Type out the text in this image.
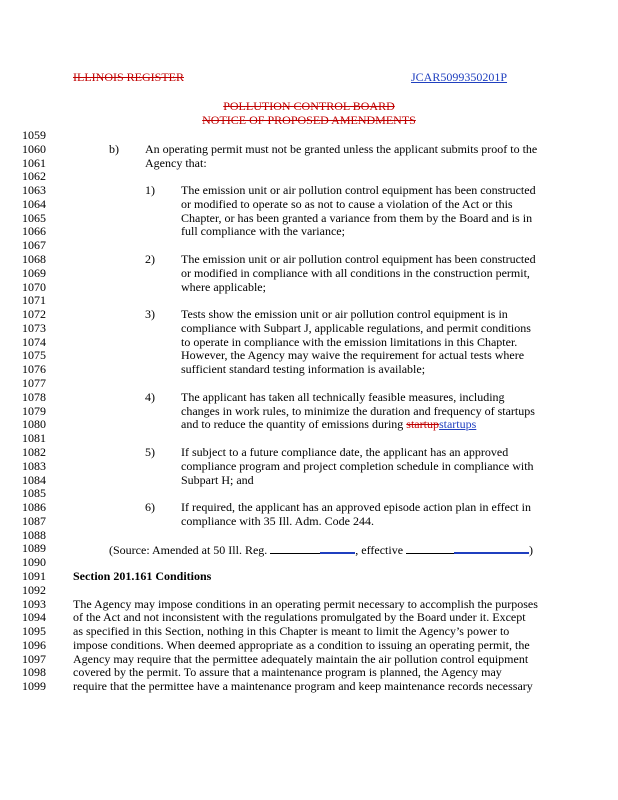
ILLINOIS REGISTER	JCAR5099350201P
POLLUTION CONTROL BOARD
NOTICE OF PROPOSED AMENDMENTS
1059
1060	b) An operating permit must not be granted unless the applicant submits proof to the
1061	Agency that:
1062
1063	1) The emission unit or air pollution control equipment has been constructed
1064	or modified to operate so as not to cause a violation of the Act or this
1065	Chapter, or has been granted a variance from them by the Board and is in
1066	full compliance with the variance;
1067
1068	2) The emission unit or air pollution control equipment has been constructed
1069	or modified in compliance with all conditions in the construction permit,
1070	where applicable;
1071
1072	3) Tests show the emission unit or air pollution control equipment is in
1073	compliance with Subpart J, applicable regulations, and permit conditions
1074	to operate in compliance with the emission limitations in this Chapter.
1075	However, the Agency may waive the requirement for actual tests where
1076	sufficient standard testing information is available;
1077
1078	4) The applicant has taken all technically feasible measures, including
1079	changes in work rules, to minimize the duration and frequency of startups
1080	and to reduce the quantity of emissions during startupstartups
1081
1082	5) If subject to a future compliance date, the applicant has an approved
1083	compliance program and project completion schedule in compliance with
1084	Subpart H; and
1085
1086	6) If required, the applicant has an approved episode action plan in effect in
1087	compliance with 35 Ill. Adm. Code 244.
1088
1089	(Source: Amended at 50 Ill. Reg.	, effective	)
1090
1091 Section 201.161 Conditions
1092
1093 The Agency may impose conditions in an operating permit necessary to accomplish the purposes
1094 of the Act and not inconsistent with the regulations promulgated by the Board under it. Except
1095 as specified in this Section, nothing in this Chapter is meant to limit the Agency’s power to
1096 impose conditions. When deemed appropriate as a condition to issuing an operating permit, the
1097 Agency may require that the permittee adequately maintain the air pollution control equipment
1098 covered by the permit. To assure that a maintenance program is planned, the Agency may
1099 require that the permittee have a maintenance program and keep maintenance records necessary
